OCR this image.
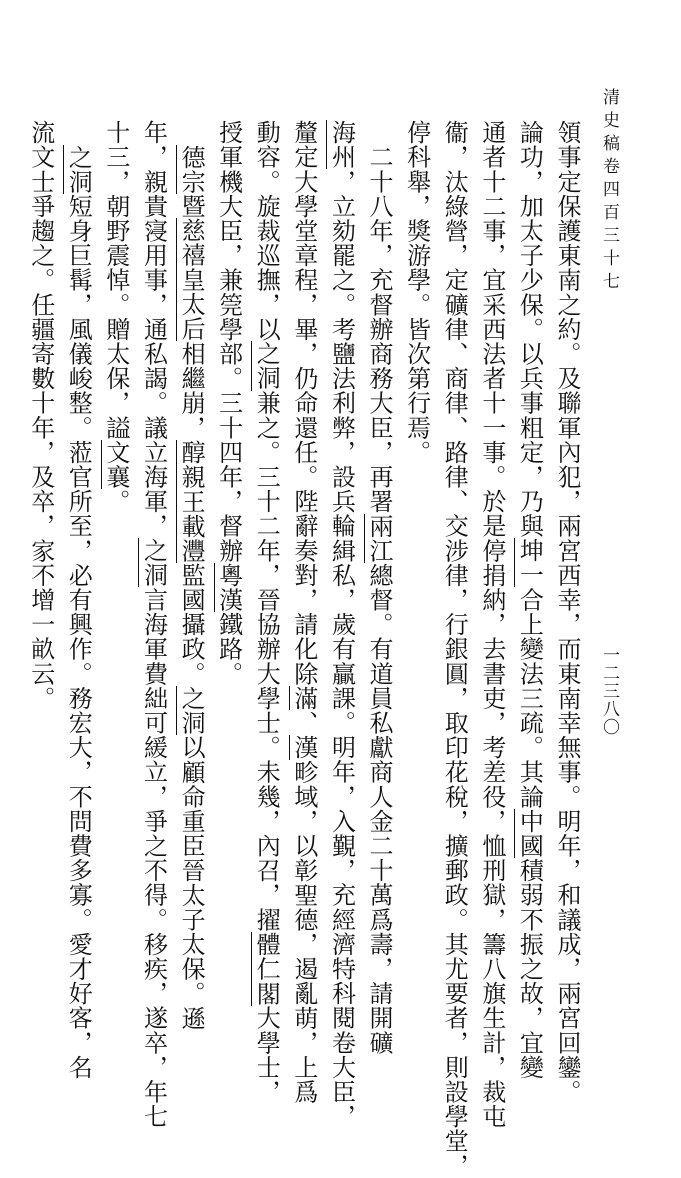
清史稿卷四百三十七

領事定保護東南之約。及聯軍內犯，兩宮西幸，而東南幸無事。明年，和議成，兩宮回鑾。

論功，加太子少保。以兵事粗定，乃與坤一合上變法三疏。其論中國積弱不振之故，宜變

通者十二事，宜采西法者十一事。於是停捐納，去書吏，考差役，恤刑獄，籌八旗生計，裁屯

衞，汰綠營，定礦律、商律、路律、交涉律，行銀圓，取印花稅，擴郵政。其尤要者，則設學堂，

停科舉，獎游學。皆次第行焉。

　二十八年，充督辦商務大臣，再署兩江總督。有道員私獻商人金二十萬爲壽，請開礦

海州，立劾罷之。考鹽法利弊，設兵輪緝私，歲有贏課。明年，入覲，充經濟特科閱卷大臣，

釐定大學堂章程，畢，仍命還任。陛辭奏對，請化除滿、漢畛域，以彰聖德，遏亂萌，上爲

動容。旋裁巡撫，以之洞兼之。三十二年，晉協辦大學士。未幾，內召，擢體仁閣大學士，

授軍機大臣，兼筦學部。三十四年，督辦粵漢鐵路。

　德宗暨慈禧皇太后相繼崩，醇親王載灃監國攝政。之洞以顧命重臣晉太子太保。遜

年，親貴寖用事，通私謁。議立海軍，之洞言海軍費絀可緩立，爭之不得。移疾，遂卒，年七

十三，朝野震悼。贈太保，謚文襄。

　之洞短身巨髯，風儀峻整。蒞官所至，必有興作。務宏大，不問費多寡。愛才好客，名

流文士爭趨之。任疆寄數十年，及卒，家不增一畝云。	一二三八〇
